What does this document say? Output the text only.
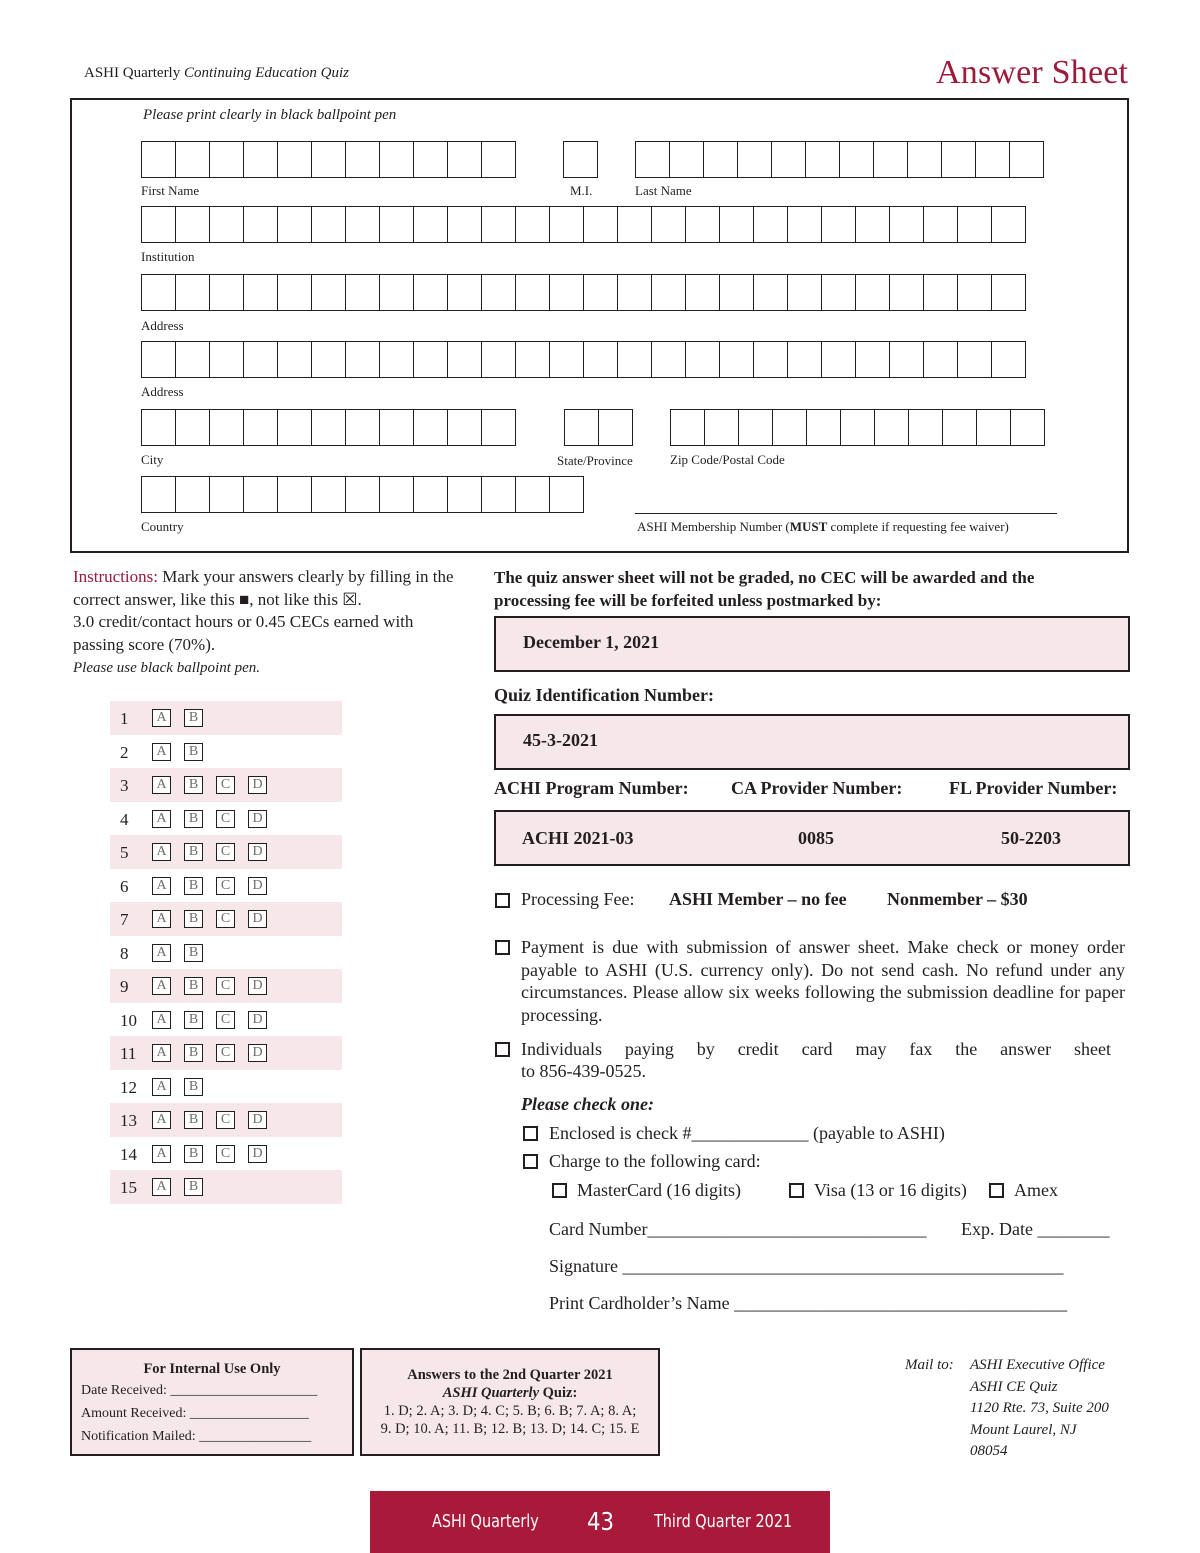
ASHI Quarterly Continuing Education Quiz	Answer Sheet
Please print clearly in black ballpoint pen
First Name	M.I.	Last Name
Institution
Address
Address
City	State/Province	Zip Code/Postal Code
Country	ASHI Membership Number (MUST complete if requesting fee waiver)
Instructions: Mark your answers clearly by filling in the correct answer, like this ■, not like this ☒.
3.0 credit/contact hours or 0.45 CECs earned with passing score (70%).
Please use black ballpoint pen.
1	A	B
2	A	B
3	A	B	C	D
4	A	B	C	D
5	A	B	C	D
6	A	B	C	D
7	A	B	C	D
8	A	B
9	A	B	C	D
10	A	B	C	D
11	A	B	C	D
12	A	B
13	A	B	C	D
14	A	B	C	D
15	A	B
The quiz answer sheet will not be graded, no CEC will be awarded and the processing fee will be forfeited unless postmarked by:
December 1, 2021
Quiz Identification Number:
45-3-2021
ACHI Program Number: CA Provider Number:	FL Provider Number:
ACHI 2021-03	0085	50-2203
Processing Fee: ASHI Member – no fee Nonmember – $30
Payment is due with submission of answer sheet. Make check or money order payable to ASHI (U.S. currency only). Do not send cash. No refund under any circumstances. Please allow six weeks following the submission deadline for paper processing.
Individuals paying by credit card may fax the answer sheet
to 856-439-0525.
Please check one:
Enclosed is check #_____________ (payable to ASHI)
Charge to the following card:
MasterCard (16 digits)	Visa (13 or 16 digits)	Amex
Card Number_______________________________ Exp. Date ________
Signature _________________________________________________
Print Cardholder’s Name _____________________________________
For Internal Use Only
Date Received: _____________________
Amount Received: _________________
Notification Mailed: ________________
Answers to the 2nd Quarter 2021
ASHI Quarterly Quiz:
1. D; 2. A; 3. D; 4. C; 5. B; 6. B; 7. A; 8. A;
9. D; 10. A; 11. B; 12. B; 13. D; 14. C; 15. E
Mail to: ASHI Executive Office
ASHI CE Quiz
1120 Rte. 73, Suite 200
Mount Laurel, NJ
08054
ASHI Quarterly 43 Third Quarter 2021
